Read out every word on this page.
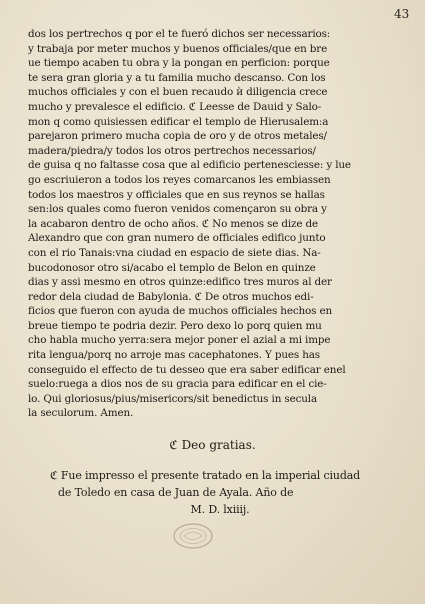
43
dos los pertrechos q por el te fueró dichos ser necessarios:
y trabaja por meter muchos y buenos officiales/que en bre
ue tiempo acaben tu obra y la pongan en perficion: porque
te sera gran gloria y a tu familia mucho descanso. Con los
muchos officiales y con el buen recaudo ѝ diligencia crece
mucho y prevalesce el edificio. ℭ Leesse de Dauid y Salo-
mon q como quisiessen edificar el templo de Hierusalem:a
parejaron primero mucha copia de oro y de otros metales/
madera/piedra/y todos los otros pertrechos necessarios/
de guisa q no faltasse cosa que al edificio pertenesciesse: y lue
go escriuieron a todos los reyes comarcanos les embiassen
todos los maestros y officiales que en sus reynos se hallas
sen:los quales como fueron venidos començaron su obra y
la acabaron dentro de ocho años. ℭ No menos se dize de
Alexandro que con gran numero de officiales edifico junto
con el rio Tanais:vna ciudad en espacio de siete dias. Na-
bucodonosor otro si/acabo el templo de Belon en quinze
dias y assi mesmo en otros quinze:edifico tres muros al der
redor dela ciudad de Babylonia. ℭ De otros muchos edi-
ficios que fueron con ayuda de muchos officiales hechos en
breue tiempo te podria dezir. Pero dexo lo porq quien mu
cho habla mucho yerra:sera mejor poner el azial a mi impe
rita lengua/porq no arroje mas cacephatones. Y pues has
conseguido el effecto de tu desseo que era saber edificar enel
suelo:ruega a dios nos de su gracia para edificar en el cie-
lo. Qui gloriosus/pius/misericors/sit benedictus in secula
la seculorum. Amen.
ℭ Deo gratias.
ℭ Fue impresso el presente tratado en la imperial ciudad
de Toledo en casa de Juan de Ayala. Año de
M. D. lxiiij.
